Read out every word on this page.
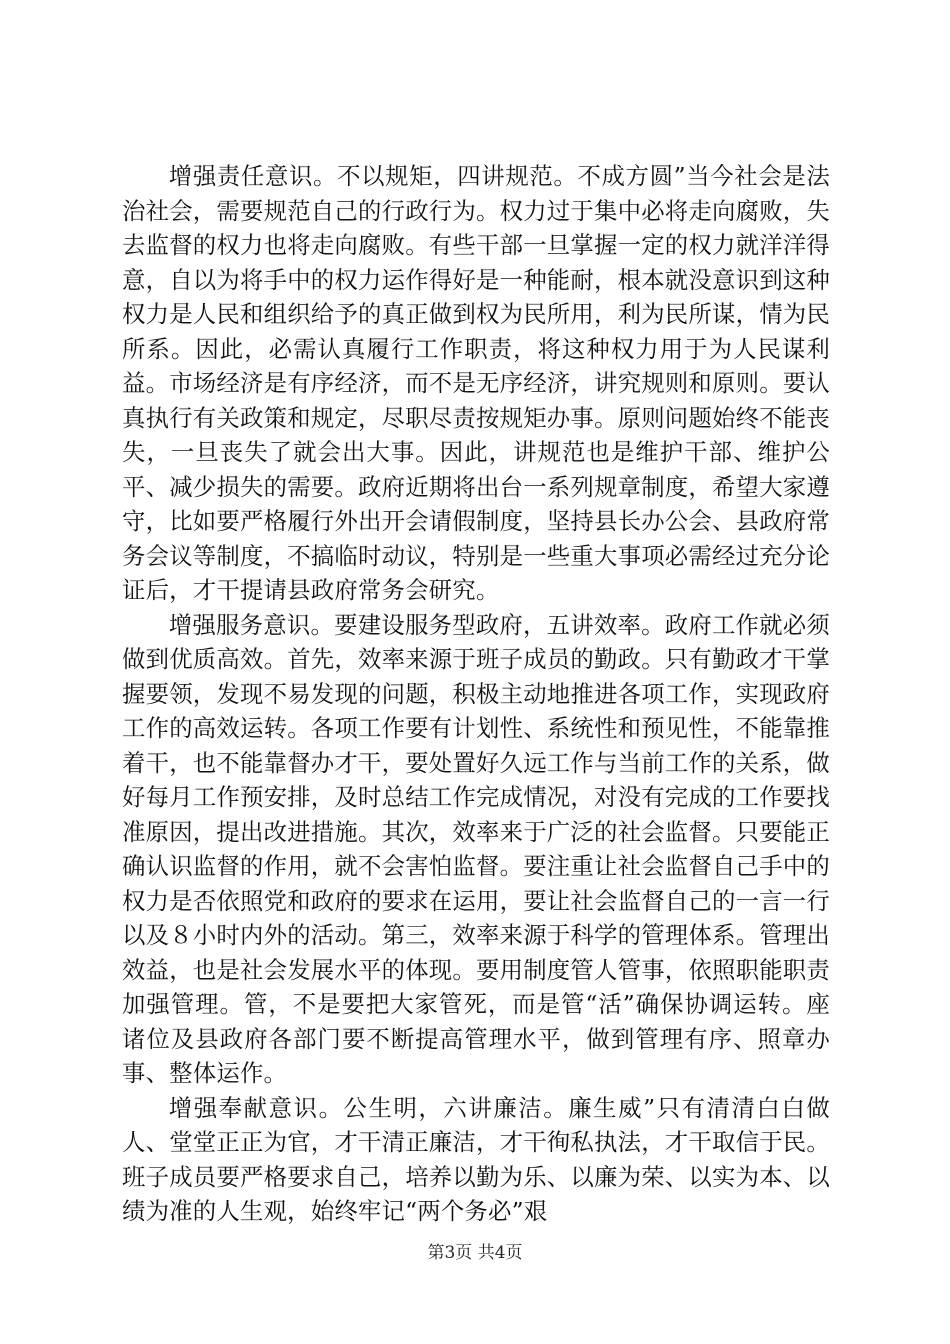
增强责任意识。不以规矩，四讲规范。不成方圆”当今社会是法治社会，需要规范自己的行政行为。权力过于集中必将走向腐败，失去监督的权力也将走向腐败。有些干部一旦掌握一定的权力就洋洋得意，自以为将手中的权力运作得好是一种能耐，根本就没意识到这种权力是人民和组织给予的真正做到权为民所用，利为民所谋，情为民所系。因此，必需认真履行工作职责，将这种权力用于为人民谋利益。市场经济是有序经济，而不是无序经济，讲究规则和原则。要认真执行有关政策和规定，尽职尽责按规矩办事。原则问题始终不能丧失，一旦丧失了就会出大事。因此，讲规范也是维护干部、维护公平、减少损失的需要。政府近期将出台一系列规章制度，希望大家遵守，比如要严格履行外出开会请假制度，坚持县长办公会、县政府常务会议等制度，不搞临时动议，特别是一些重大事项必需经过充分论证后，才干提请县政府常务会研究。

增强服务意识。要建设服务型政府，五讲效率。政府工作就必须做到优质高效。首先，效率来源于班子成员的勤政。只有勤政才干掌握要领，发现不易发现的问题，积极主动地推进各项工作，实现政府工作的高效运转。各项工作要有计划性、系统性和预见性，不能靠推着干，也不能靠督办才干，要处置好久远工作与当前工作的关系，做好每月工作预安排，及时总结工作完成情况，对没有完成的工作要找准原因，提出改进措施。其次，效率来于广泛的社会监督。只要能正确认识监督的作用，就不会害怕监督。要注重让社会监督自己手中的权力是否依照党和政府的要求在运用，要让社会监督自己的一言一行以及８小时内外的活动。第三，效率来源于科学的管理体系。管理出效益，也是社会发展水平的体现。要用制度管人管事，依照职能职责加强管理。管，不是要把大家管死，而是管“活”确保协调运转。座诸位及县政府各部门要不断提高管理水平，做到管理有序、照章办事、整体运作。

增强奉献意识。公生明，六讲廉洁。廉生威”只有清清白白做人、堂堂正正为官，才干清正廉洁，才干徇私执法，才干取信于民。班子成员要严格要求自己，培养以勤为乐、以廉为荣、以实为本、以绩为准的人生观，始终牢记“两个务必”艰

第3页 共4页
